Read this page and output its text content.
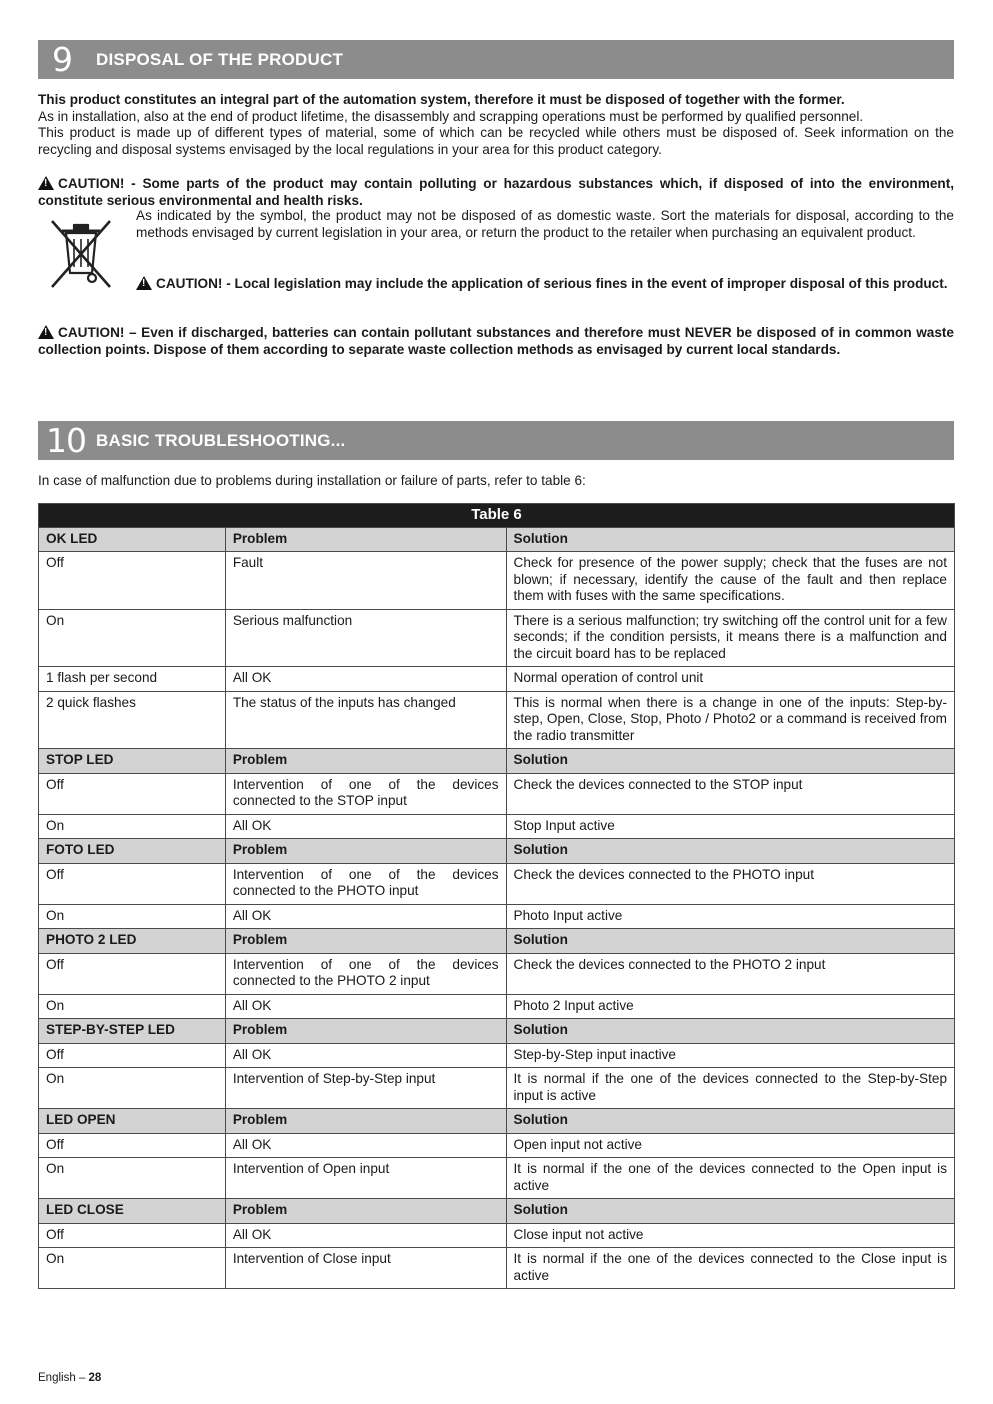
9 DISPOSAL OF THE PRODUCT

This product constitutes an integral part of the automation system, therefore it must be disposed of together with the former.

As in installation, also at the end of product lifetime, the disassembly and scrapping operations must be performed by qualified personnel.

This product is made up of different types of material, some of which can be recycled while others must be disposed of. Seek information on the recycling and disposal systems envisaged by the local regulations in your area for this product category.

!CAUTION! - Some parts of the product may contain polluting or hazardous substances which, if disposed of into the environment, constitute serious environmental and health risks.

As indicated by the symbol, the product may not be disposed of as domestic waste. Sort the materials for disposal, according to the methods envisaged by current legislation in your area, or return the product to the retailer when purchasing an equivalent product.

!CAUTION! - Local legislation may include the application of serious fines in the event of improper disposal of this product.

!CAUTION! – Even if discharged, batteries can contain pollutant substances and therefore must NEVER be disposed of in common waste collection points. Dispose of them according to separate waste collection methods as envisaged by current local standards.

10 BASIC TROUBLESHOOTING...

In case of malfunction due to problems during installation or failure of parts, refer to table 6:

Table 6		
OK LED	Problem	Solution
Off	Fault	Check for presence of the power supply; check that the fuses are not blown; if necessary, identify the cause of the fault and then replace them with fuses with the same specifications.
On	Serious malfunction	There is a serious malfunction; try switching off the control unit for a few seconds; if the condition persists, it means there is a malfunction and the circuit board has to be replaced
1 flash per second	All OK	Normal operation of control unit
2 quick flashes	The status of the inputs has changed	This is normal when there is a change in one of the inputs: Step-by-step, Open, Close, Stop, Photo / Photo2 or a command is received from the radio transmitter
STOP LED	Problem	Solution
Off	Intervention of one of the devices connected to the STOP input	Check the devices connected to the STOP input
On	All OK	Stop Input active
FOTO LED	Problem	Solution
Off	Intervention of one of the devices connected to the PHOTO input	Check the devices connected to the PHOTO input
On	All OK	Photo Input active
PHOTO 2 LED	Problem	Solution
Off	Intervention of one of the devices connected to the PHOTO 2 input	Check the devices connected to the PHOTO 2 input
On	All OK	Photo 2 Input active
STEP-BY-STEP LED	Problem	Solution
Off	All OK	Step-by-Step input inactive
On	Intervention of Step-by-Step input	It is normal if the one of the devices connected to the Step-by-Step input is active
LED OPEN	Problem	Solution
Off	All OK	Open input not active
On	Intervention of Open input	It is normal if the one of the devices connected to the Open input is active
LED CLOSE	Problem	Solution
Off	All OK	Close input not active
On	Intervention of Close input	It is normal if the one of the devices connected to the Close input is active
English – 28
